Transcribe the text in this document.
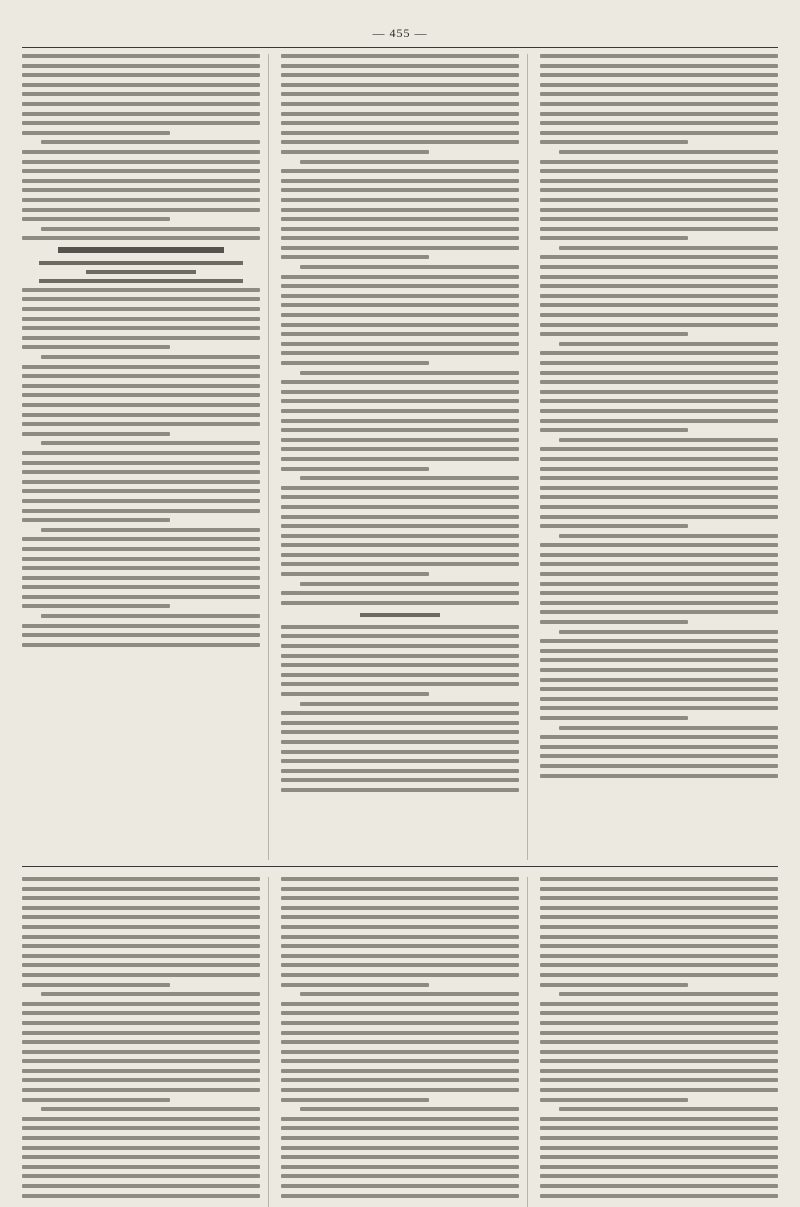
— 455 —
